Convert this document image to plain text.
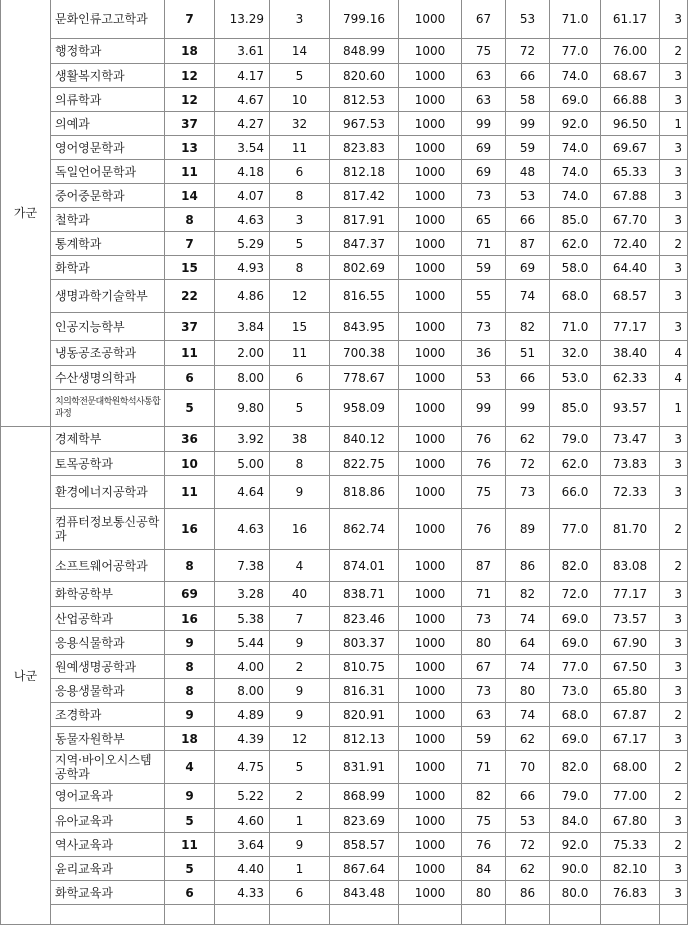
가군	문화인류고고학과	7	13.29	3	799.16	1000	67	53	71.0	61.17	3
	행정학과	18	3.61	14	848.99	1000	75	72	77.0	76.00	2
	생활복지학과	12	4.17	5	820.60	1000	63	66	74.0	68.67	3
	의류학과	12	4.67	10	812.53	1000	63	58	69.0	66.88	3
	의예과	37	4.27	32	967.53	1000	99	99	92.0	96.50	1
	영어영문학과	13	3.54	11	823.83	1000	69	59	74.0	69.67	3
	독일언어문학과	11	4.18	6	812.18	1000	69	48	74.0	65.33	3
	중어중문학과	14	4.07	8	817.42	1000	73	53	74.0	67.88	3
	철학과	8	4.63	3	817.91	1000	65	66	85.0	67.70	3
	통계학과	7	5.29	5	847.37	1000	71	87	62.0	72.40	2
	화학과	15	4.93	8	802.69	1000	59	69	58.0	64.40	3
	생명과학기술학부	22	4.86	12	816.55	1000	55	74	68.0	68.57	3
	인공지능학부	37	3.84	15	843.95	1000	73	82	71.0	77.17	3
	냉동공조공학과	11	2.00	11	700.38	1000	36	51	32.0	38.40	4
	수산생명의학과	6	8.00	6	778.67	1000	53	66	53.0	62.33	4
	치의학전문대학원학석사통합과정	5	9.80	5	958.09	1000	99	99	85.0	93.57	1
나군	경제학부	36	3.92	38	840.12	1000	76	62	79.0	73.47	3
	토목공학과	10	5.00	8	822.75	1000	76	72	62.0	73.83	3
	환경에너지공학과	11	4.64	9	818.86	1000	75	73	66.0	72.33	3
	컴퓨터정보통신공학과	16	4.63	16	862.74	1000	76	89	77.0	81.70	2
	소프트웨어공학과	8	7.38	4	874.01	1000	87	86	82.0	83.08	2
	화학공학부	69	3.28	40	838.71	1000	71	82	72.0	77.17	3
	산업공학과	16	5.38	7	823.46	1000	73	74	69.0	73.57	3
	응용식물학과	9	5.44	9	803.37	1000	80	64	69.0	67.90	3
	원예생명공학과	8	4.00	2	810.75	1000	67	74	77.0	67.50	3
	응용생물학과	8	8.00	9	816.31	1000	73	80	73.0	65.80	3
	조경학과	9	4.89	9	820.91	1000	63	74	68.0	67.87	2
	동물자원학부	18	4.39	12	812.13	1000	59	62	69.0	67.17	3
	지역·바이오시스템공학과	4	4.75	5	831.91	1000	71	70	82.0	68.00	2
	영어교육과	9	5.22	2	868.99	1000	82	66	79.0	77.00	2
	유아교육과	5	4.60	1	823.69	1000	75	53	84.0	67.80	3
	역사교육과	11	3.64	9	858.57	1000	76	72	92.0	75.33	2
	윤리교육과	5	4.40	1	867.64	1000	84	62	90.0	82.10	3
	화학교육과	6	4.33	6	843.48	1000	80	86	80.0	76.83	3
